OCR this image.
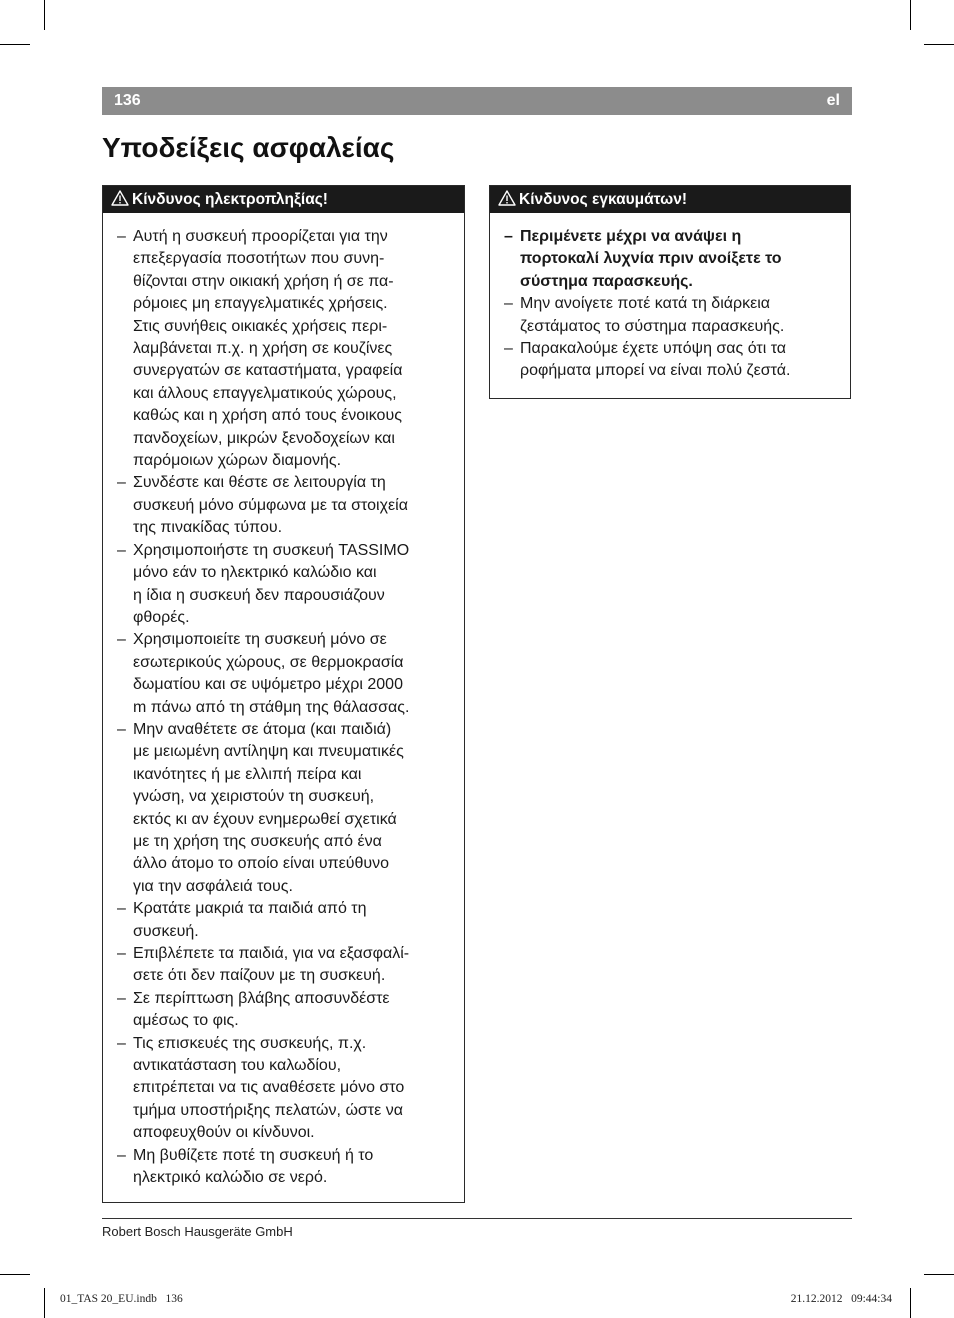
136	el
Υποδείξεις ασφαλείας
Κίνδυνος ηλεκτροπληξίας!
– Αυτή η συσκευή προορίζεται για την
επεξεργασία ποσοτήτων που συνη-
θίζονται στην οικιακή χρήση ή σε πα-
ρόμοιες μη επαγγελματικές χρήσεις.
Στις συνήθεις οικιακές χρήσεις περι-
λαμβάνεται π.χ. η χρήση σε κουζίνες
συνεργατών σε καταστήματα, γραφεία
και άλλους επαγγελματικούς χώρους,
καθώς και η χρήση από τους ένοικους
πανδοχείων, μικρών ξενοδοχείων και
παρόμοιων χώρων διαμονής.
– Συνδέστε και θέστε σε λειτουργία τη
συσκευή μόνο σύμφωνα με τα στοιχεία
της πινακίδας τύπου.
– Χρησιμοποιήστε τη συσκευή TASSIMO
μόνο εάν το ηλεκτρικό καλώδιο και
η ίδια η συσκευή δεν παρουσιάζουν
φθορές.
– Χρησιμοποιείτε τη συσκευή μόνο σε
εσωτερικούς χώρους, σε θερμοκρασία
δωματίου και σε υψόμετρο μέχρι 2000
m πάνω από τη στάθμη της θάλασσας.
– Μην αναθέτετε σε άτομα (και παιδιά)
με μειωμένη αντίληψη και πνευματικές
ικανότητες ή με ελλιπή πείρα και
γνώση, να χειριστούν τη συσκευή,
εκτός κι αν έχουν ενημερωθεί σχετικά
με τη χρήση της συσκευής από ένα
άλλο άτομο το οποίο είναι υπεύθυνο
για την ασφάλειά τους.
– Κρατάτε μακριά τα παιδιά από τη
συσκευή.
– Επιβλέπετε τα παιδιά, για να εξασφαλί-
σετε ότι δεν παίζουν με τη συσκευή.
– Σε περίπτωση βλάβης αποσυνδέστε
αμέσως το φις.
– Τις επισκευές της συσκευής, π.χ.
αντικατάσταση του καλωδίου,
επιτρέπεται να τις αναθέσετε μόνο στο
τμήμα υποστήριξης πελατών, ώστε να
αποφευχθούν οι κίνδυνοι.
– Μη βυθίζετε ποτέ τη συσκευή ή το
ηλεκτρικό καλώδιο σε νερό.
Κίνδυνος εγκαυμάτων!
– Περιμένετε μέχρι να ανάψει η
πορτοκαλί λυχνία πριν ανοίξετε το
σύστημα παρασκευής.
– Μην ανοίγετε ποτέ κατά τη διάρκεια
ζεστάματος το σύστημα παρασκευής.
– Παρακαλούμε έχετε υπόψη σας ότι τα
ροφήματα μπορεί να είναι πολύ ζεστά.
Robert Bosch Hausgeräte GmbH
01_TAS 20_EU.indb   136	21.12.2012   09:44:34
